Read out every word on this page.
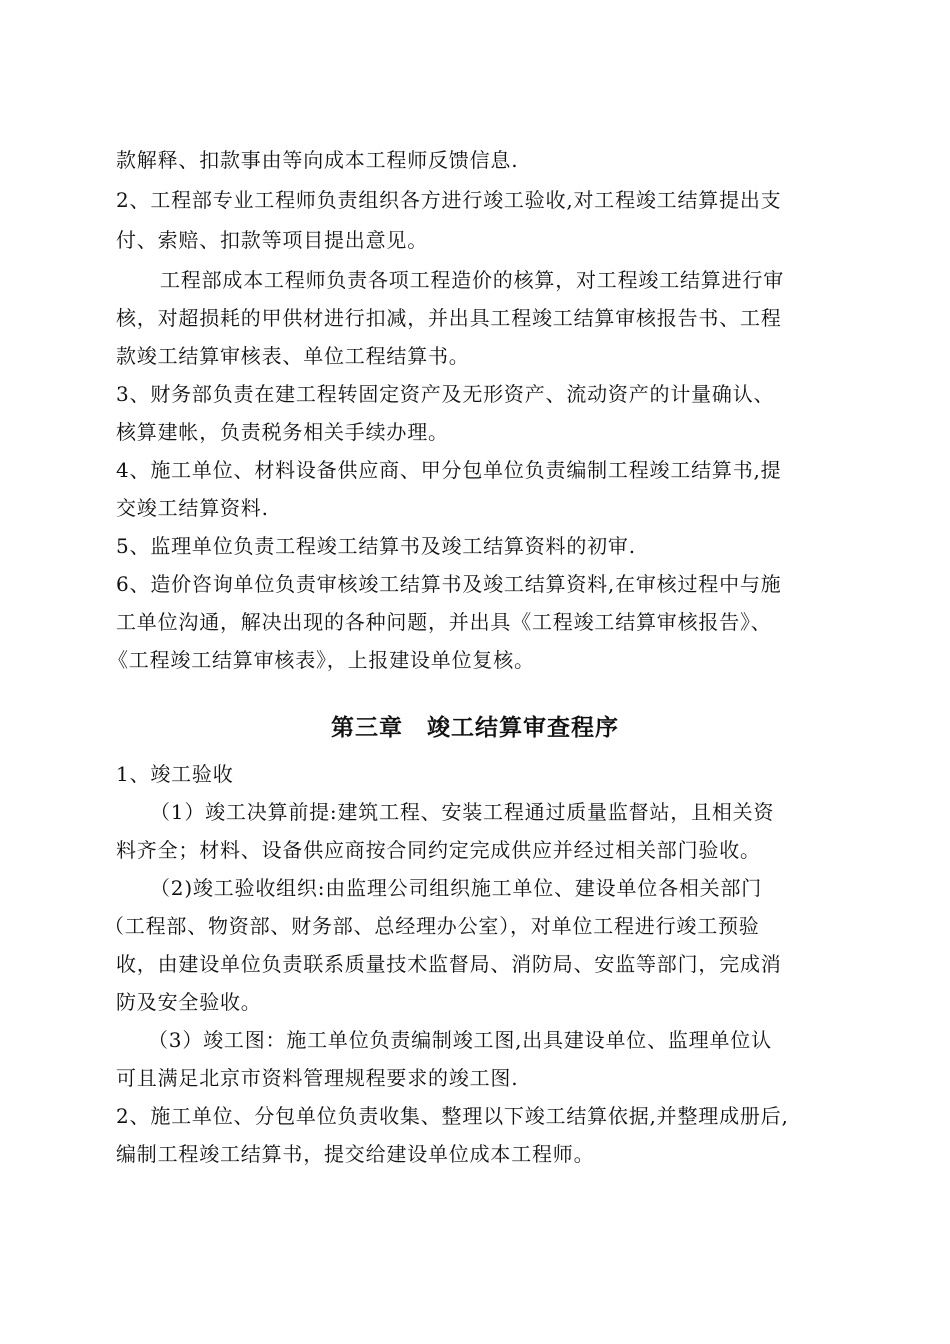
款解释、扣款事由等向成本工程师反馈信息.
2、工程部专业工程师负责组织各方进行竣工验收,对工程竣工结算提出支
付、索赔、扣款等项目提出意见。
工程部成本工程师负责各项工程造价的核算，对工程竣工结算进行审
核，对超损耗的甲供材进行扣减，并出具工程竣工结算审核报告书、工程
款竣工结算审核表、单位工程结算书。
3、财务部负责在建工程转固定资产及无形资产、流动资产的计量确认、
核算建帐，负责税务相关手续办理。
4、施工单位、材料设备供应商、甲分包单位负责编制工程竣工结算书,提
交竣工结算资料.
5、监理单位负责工程竣工结算书及竣工结算资料的初审.
6、造价咨询单位负责审核竣工结算书及竣工结算资料,在审核过程中与施
工单位沟通，解决出现的各种问题，并出具《工程竣工结算审核报告》、
《工程竣工结算审核表》，上报建设单位复核。
第三章　竣工结算审查程序
1、竣工验收
（1）竣工决算前提:建筑工程、安装工程通过质量监督站，且相关资
料齐全；材料、设备供应商按合同约定完成供应并经过相关部门验收。
（2)竣工验收组织:由监理公司组织施工单位、建设单位各相关部门
（工程部、物资部、财务部、总经理办公室），对单位工程进行竣工预验
收，由建设单位负责联系质量技术监督局、消防局、安监等部门，完成消
防及安全验收。
（3）竣工图：施工单位负责编制竣工图,出具建设单位、监理单位认
可且满足北京市资料管理规程要求的竣工图.
2、施工单位、分包单位负责收集、整理以下竣工结算依据,并整理成册后,
编制工程竣工结算书，提交给建设单位成本工程师。
